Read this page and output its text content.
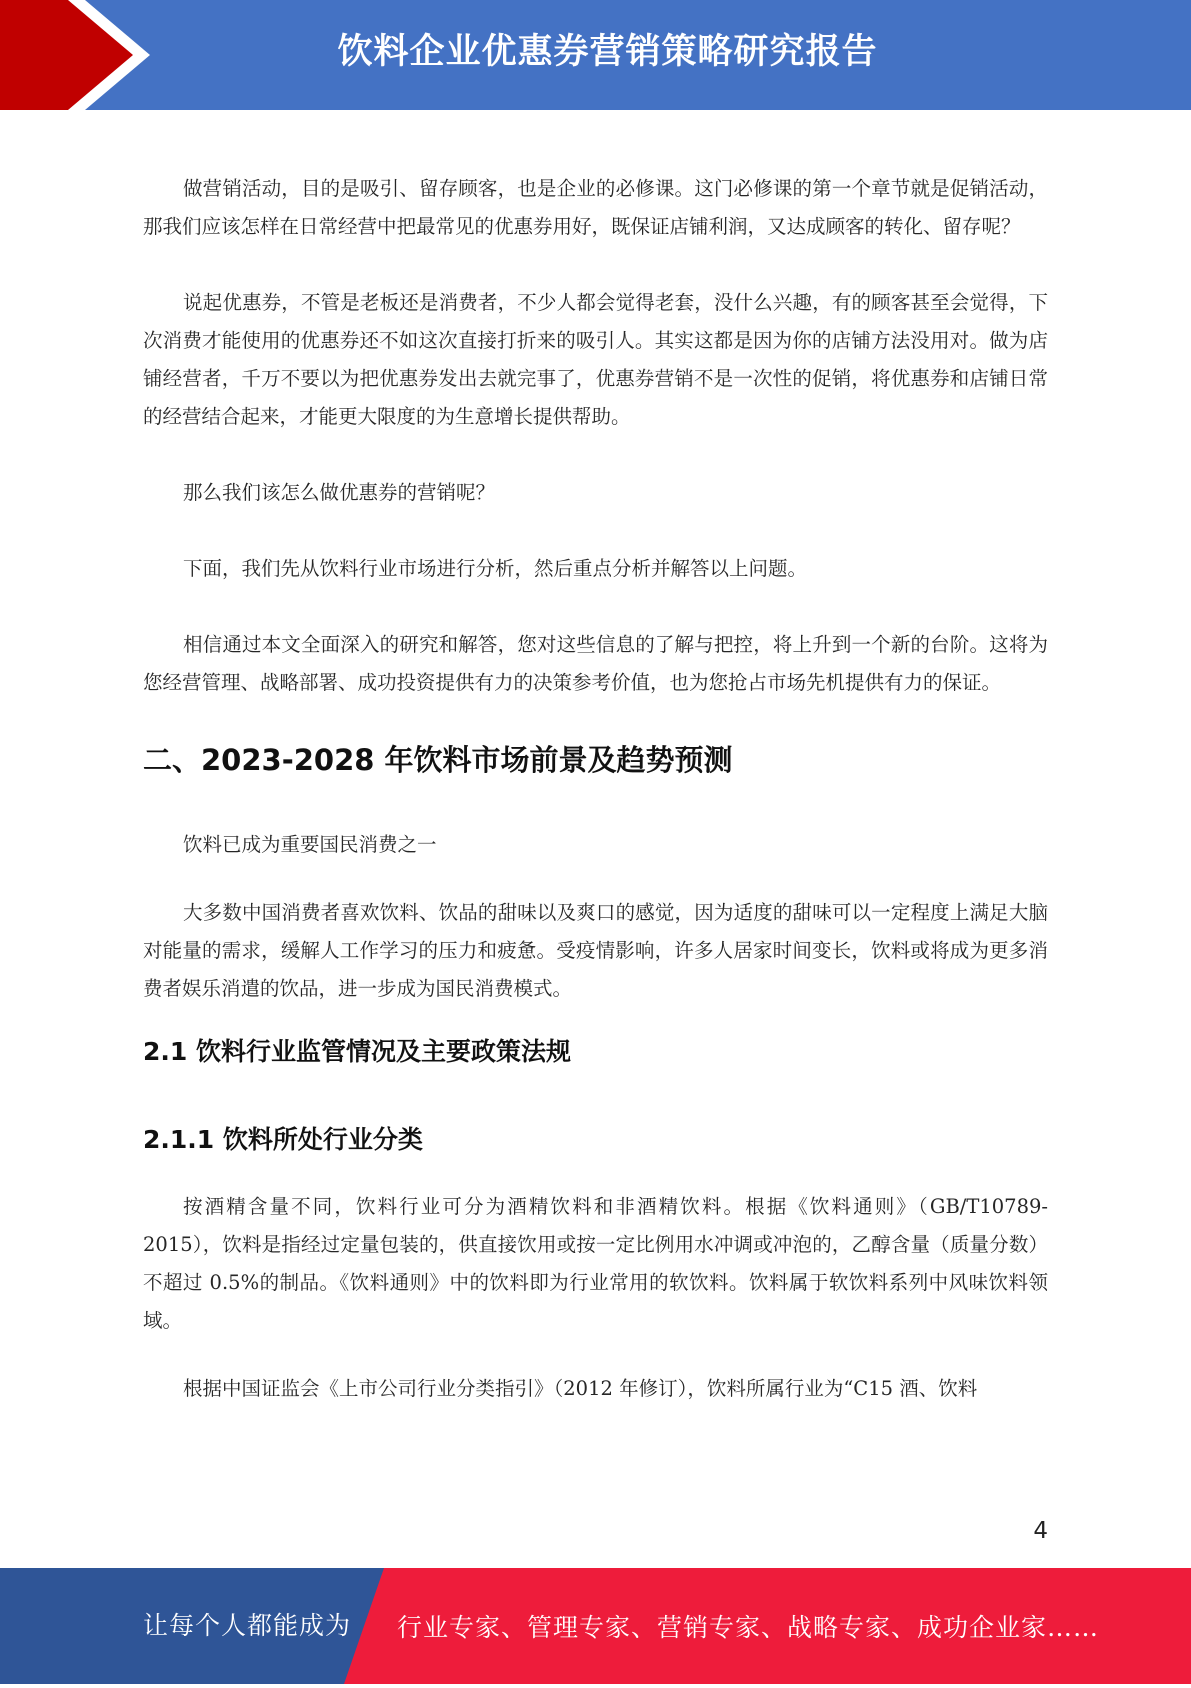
饮料企业优惠券营销策略研究报告

做营销活动，目的是吸引、留存顾客，也是企业的必修课。这门必修课的第一个章节就是促销活动，那我们应该怎样在日常经营中把最常见的优惠券用好，既保证店铺利润，又达成顾客的转化、留存呢？

说起优惠券，不管是老板还是消费者，不少人都会觉得老套，没什么兴趣，有的顾客甚至会觉得，下次消费才能使用的优惠券还不如这次直接打折来的吸引人。其实这都是因为你的店铺方法没用对。做为店铺经营者，千万不要以为把优惠券发出去就完事了，优惠券营销不是一次性的促销，将优惠券和店铺日常的经营结合起来，才能更大限度的为生意增长提供帮助。

那么我们该怎么做优惠券的营销呢？

下面，我们先从饮料行业市场进行分析，然后重点分析并解答以上问题。

相信通过本文全面深入的研究和解答，您对这些信息的了解与把控，将上升到一个新的台阶。这将为您经营管理、战略部署、成功投资提供有力的决策参考价值，也为您抢占市场先机提供有力的保证。

二、2023-2028 年饮料市场前景及趋势预测

饮料已成为重要国民消费之一

大多数中国消费者喜欢饮料、饮品的甜味以及爽口的感觉，因为适度的甜味可以一定程度上满足大脑对能量的需求，缓解人工作学习的压力和疲惫。受疫情影响，许多人居家时间变长，饮料或将成为更多消费者娱乐消遣的饮品，进一步成为国民消费模式。

2.1 饮料行业监管情况及主要政策法规
2.1.1 饮料所处行业分类

按酒精含量不同，饮料行业可分为酒精饮料和非酒精饮料。根据《饮料通则》（GB/T10789-2015），饮料是指经过定量包装的，供直接饮用或按一定比例用水冲调或冲泡的，乙醇含量（质量分数）不超过 0.5%的制品。《饮料通则》中的饮料即为行业常用的软饮料。饮料属于软饮料系列中风味饮料领域。

根据中国证监会《上市公司行业分类指引》（2012 年修订），饮料所属行业为“C15 酒、饮料

4
让每个人都能成为 行业专家、管理专家、营销专家、战略专家、成功企业家……
